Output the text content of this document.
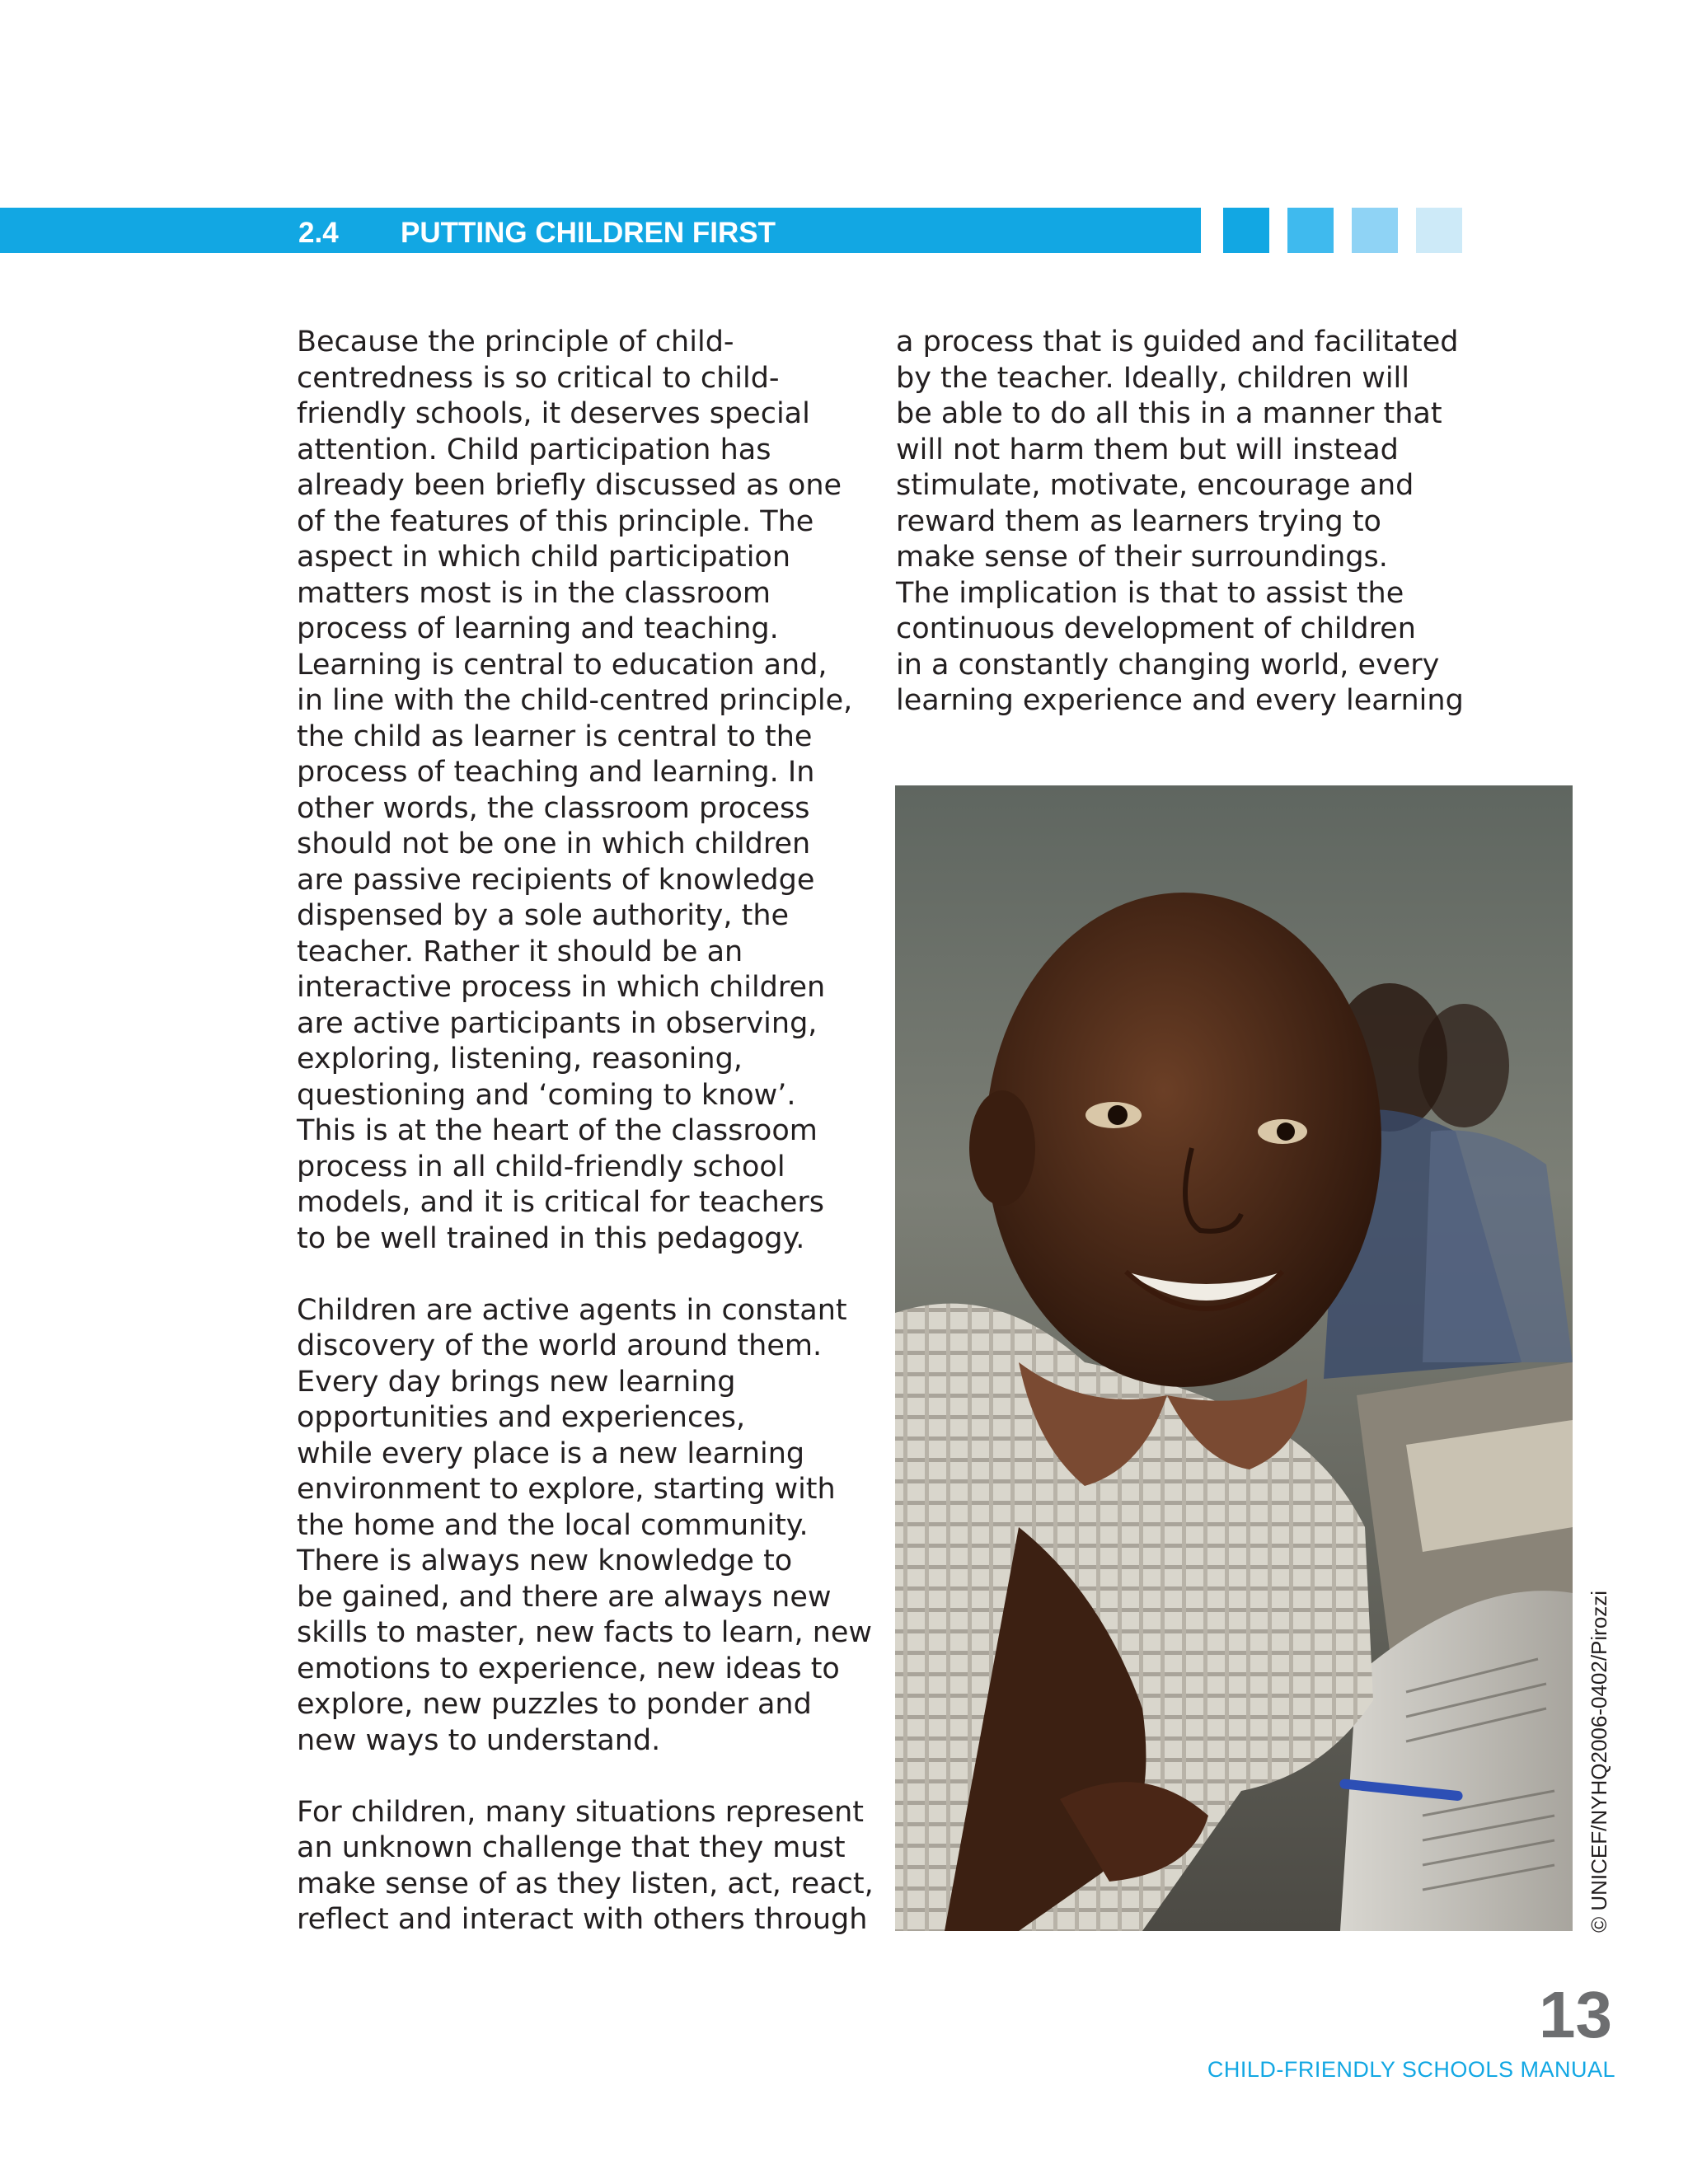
2.4 PUTTING CHILDREN FIRST

Because the principle of child-
centredness is so critical to child-
friendly schools, it deserves special
attention. Child participation has
already been briefly discussed as one
of the features of this principle. The
aspect in which child participation
matters most is in the classroom
process of learning and teaching.
Learning is central to education and,
in line with the child-centred principle,
the child as learner is central to the
process of teaching and learning. In
other words, the classroom process
should not be one in which children
are passive recipients of knowledge
dispensed by a sole authority, the
teacher. Rather it should be an
interactive process in which children
are active participants in observing,
exploring, listening, reasoning,
questioning and ‘coming to know’.
This is at the heart of the classroom
process in all child-friendly school
models, and it is critical for teachers
to be well trained in this pedagogy.

Children are active agents in constant
discovery of the world around them.
Every day brings new learning
opportunities and experiences,
while every place is a new learning
environment to explore, starting with
the home and the local community.
There is always new knowledge to
be gained, and there are always new
skills to master, new facts to learn, new
emotions to experience, new ideas to
explore, new puzzles to ponder and
new ways to understand.

For children, many situations represent
an unknown challenge that they must
make sense of as they listen, act, react,
reflect and interact with others through

a process that is guided and facilitated
by the teacher. Ideally, children will
be able to do all this in a manner that
will not harm them but will instead
stimulate, motivate, encourage and
reward them as learners trying to
make sense of their surroundings.
The implication is that to assist the
continuous development of children
in a constantly changing world, every
learning experience and every learning

© UNICEF/NYHQ2006-0402/Pirozzi
13
CHILD-FRIENDLY SCHOOLS MANUAL
